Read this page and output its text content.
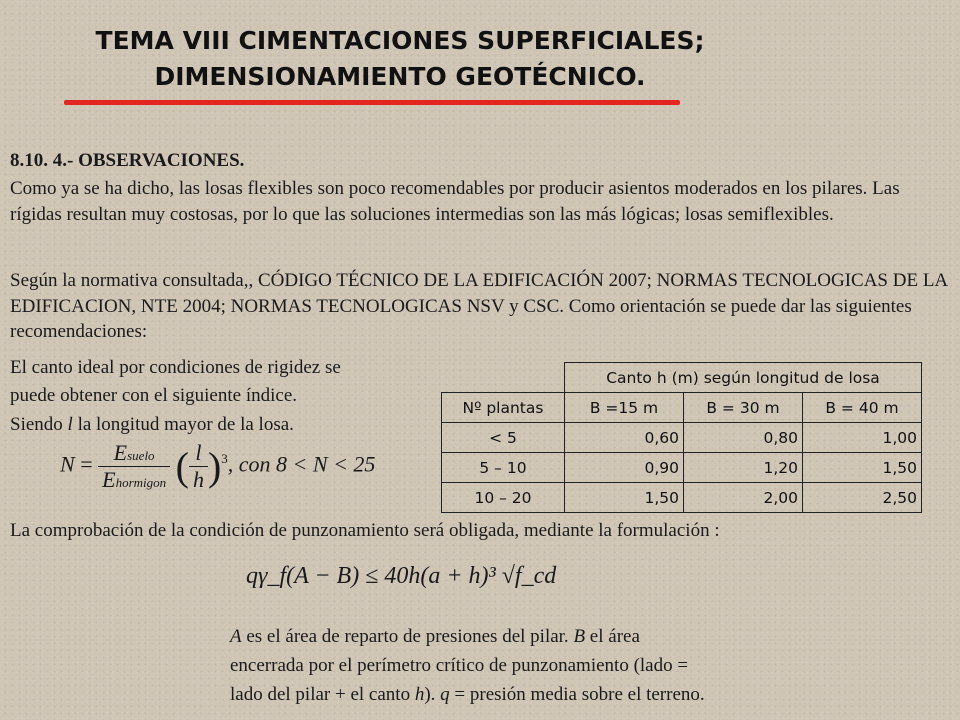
TEMA VIII CIMENTACIONES SUPERFICIALES;
DIMENSIONAMIENTO GEOTÉCNICO.
8.10. 4.- OBSERVACIONES.
Como ya se ha dicho, las losas flexibles son poco recomendables por producir asientos moderados en los pilares. Las rígidas resultan muy costosas, por lo que las soluciones intermedias son las más lógicas; losas semiflexibles.
Según la normativa consultada,, CÓDIGO TÉCNICO DE LA EDIFICACIÓN 2007; NORMAS TECNOLOGICAS DE LA EDIFICACION, NTE 2004; NORMAS TECNOLOGICAS NSV y CSC. Como orientación se puede dar las siguientes recomendaciones:
El canto ideal por condiciones de rigidez se
puede obtener con el siguiente índice.
Siendo l la longitud mayor de la losa.
$N = \frac{\text{Esuelo}}{\text{Ehormigon}}$ ( $\frac{l}{h} )^3$, con 8 < N < 25
	Canto h (m) según longitud de losa		
Nº plantas	B =15 m	B = 30 m	B = 40 m
< 5	0,60	0,80	1,00
5 – 10	0,90	1,20	1,50
10 – 20	1,50	2,00	2,50
La comprobación de la condición de punzonamiento será obligada, mediante la formulación :
qγ_f(A − B) ≤ 40h(a + h)³ √f_cd
A es el área de reparto de presiones del pilar. B el área
encerrada por el perímetro crítico de punzonamiento (lado =
lado del pilar + el canto h). q = presión media sobre el terreno.
